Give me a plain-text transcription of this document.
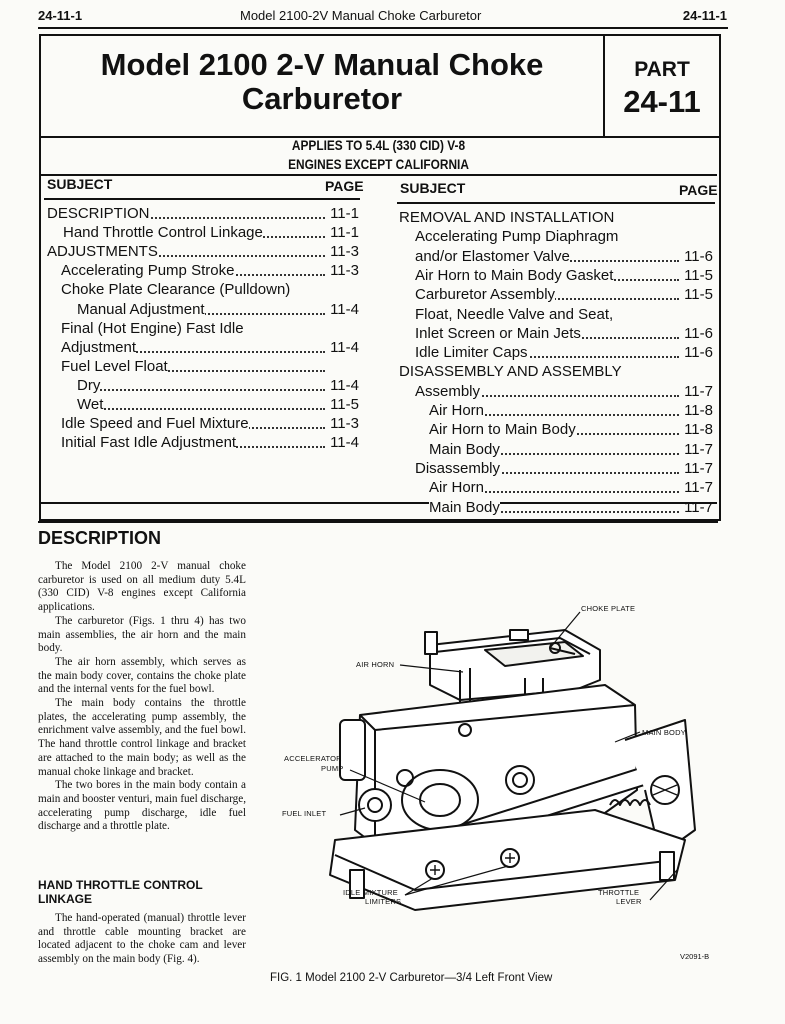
24-11-1	Model 2100-2V Manual Choke Carburetor	24-11-1
Model 2100 2-V Manual Choke
Carburetor
PART
24-11
APPLIES TO 5.4L (330 CID) V-8
ENGINES EXCEPT CALIFORNIA
SUBJECT	PAGE	SUBJECT	PAGE
DESCRIPTION	11-1
Hand Throttle Control Linkage	11-1
ADJUSTMENTS	11-3
Accelerating Pump Stroke	11-3
Choke Plate Clearance (Pulldown)
Manual Adjustment	11-4
Final (Hot Engine) Fast Idle
Adjustment	11-4
Fuel Level Float
Dry	11-4
Wet	11-5
Idle Speed and Fuel Mixture	11-3
Initial Fast Idle Adjustment	11-4
REMOVAL AND INSTALLATION
Accelerating Pump Diaphragm
and/or Elastomer Valve	11-6
Air Horn to Main Body Gasket	11-5
Carburetor Assembly	11-5
Float, Needle Valve and Seat,
Inlet Screen or Main Jets	11-6
Idle Limiter Caps	11-6
DISASSEMBLY AND ASSEMBLY
Assembly	11-7
Air Horn	11-8
Air Horn to Main Body	11-8
Main Body	11-7
Disassembly	11-7
Air Horn	11-7
Main Body	11-7
DESCRIPTION

The Model 2100 2-V manual choke carburetor is used on all medium duty 5.4L (330 CID) V-8 engines except California applications.

The carburetor (Figs. 1 thru 4) has two main assemblies, the air horn and the main body.

The air horn assembly, which serves as the main body cover, contains the choke plate and the internal vents for the fuel bowl.

The main body contains the throttle plates, the accelerating pump assembly, the enrichment valve assembly, and the fuel bowl. The hand throttle control linkage and bracket are attached to the main body; as well as the manual choke linkage and bracket.

The two bores in the main body contain a main and booster venturi, main fuel discharge, accelerating pump discharge, idle fuel discharge and a throttle plate.

HAND THROTTLE CONTROL LINKAGE

The hand-operated (manual) throttle lever and throttle cable mounting bracket are located adjacent to the choke cam and lever assembly on the main body (Fig. 4).

CHOKE PLATE
AIR HORN
MAIN BODY
ACCELERATOR
PUMP
FUEL INLET
IDLE MIXTURE
LIMITERS
THROTTLE
LEVER
V2091-B
FIG. 1 Model 2100 2-V Carburetor—3/4 Left Front View
